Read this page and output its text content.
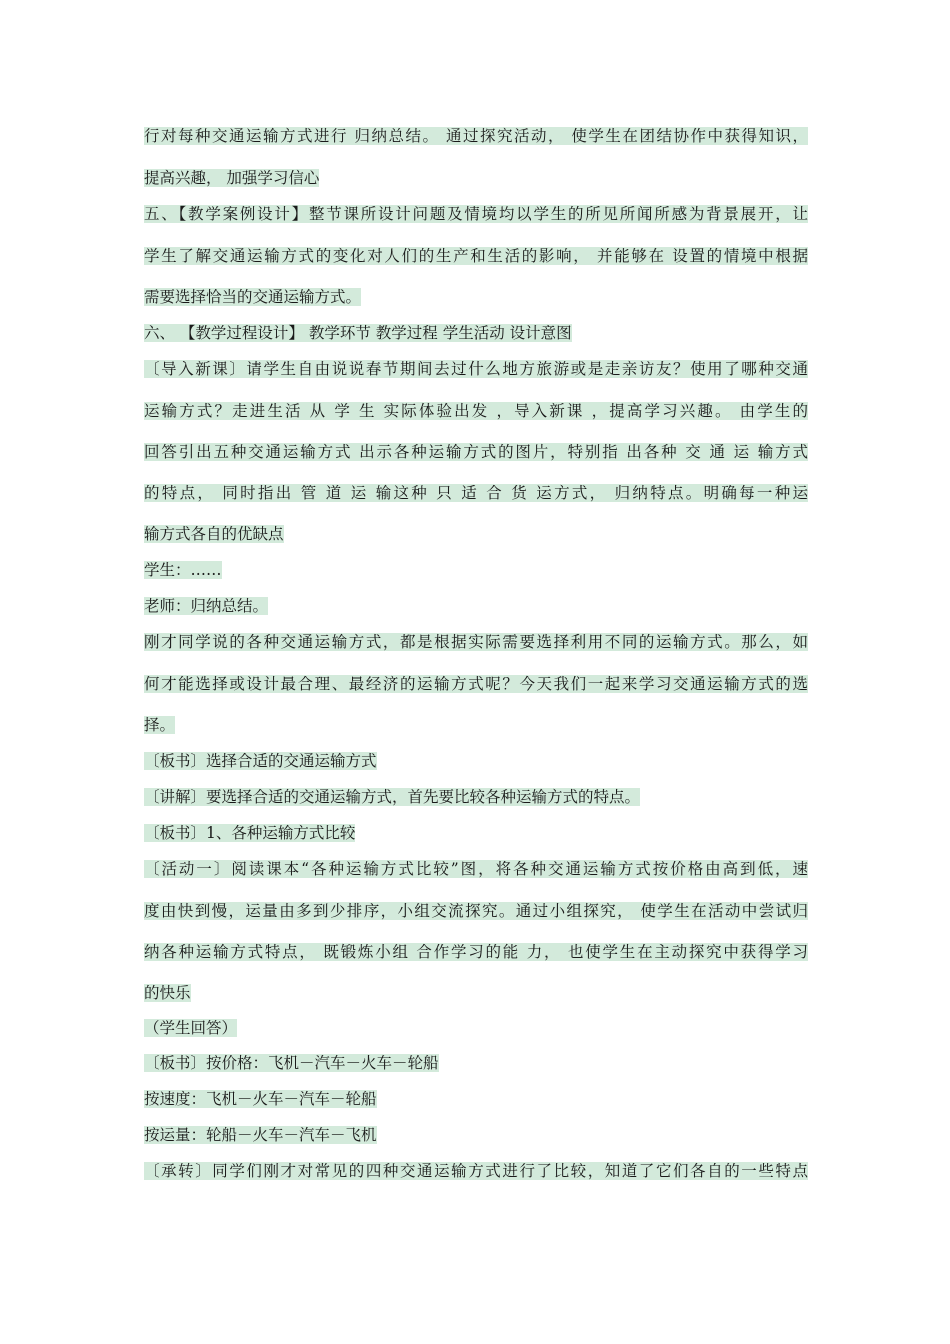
行对每种交通运输方式进行 归纳总结。 通过探究活动， 使学生在团结协作中获得知识，
提高兴趣， 加强学习信心
五、【教学案例设计】整节课所设计问题及情境均以学生的所见所闻所感为背景展开，让
学生了解交通运输方式的变化对人们的生产和生活的影响， 并能够在 设置的情境中根据
需要选择恰当的交通运输方式。
六、 【教学过程设计】 教学环节 教学过程 学生活动 设计意图
〔导入新课〕请学生自由说说春节期间去过什么地方旅游或是走亲访友？使用了哪种交通
运输方式？走进生活 从 学 生 实际体验出发 ，导入新课 ，提高学习兴趣。 由学生的
回答引出五种交通运输方式 出示各种运输方式的图片，特别指 出各种 交 通 运 输方式
的特点， 同时指出 管 道 运 输这种 只 适 合 货 运方式， 归纳特点。明确每一种运
输方式各自的优缺点
学生：……
老师：归纳总结。
刚才同学说的各种交通运输方式，都是根据实际需要选择利用不同的运输方式。那么，如
何才能选择或设计最合理、最经济的运输方式呢？今天我们一起来学习交通运输方式的选
择。
〔板书〕选择合适的交通运输方式
〔讲解〕要选择合适的交通运输方式，首先要比较各种运输方式的特点。
〔板书〕1、各种运输方式比较
〔活动一〕阅读课本“各种运输方式比较”图，将各种交通运输方式按价格由高到低，速
度由快到慢，运量由多到少排序，小组交流探究。通过小组探究， 使学生在活动中尝试归
纳各种运输方式特点， 既锻炼小组 合作学习的能 力， 也使学生在主动探究中获得学习
的快乐
（学生回答）
〔板书〕按价格：飞机－汽车－火车－轮船
按速度：飞机－火车－汽车－轮船
按运量：轮船－火车－汽车－飞机
〔承转〕同学们刚才对常见的四种交通运输方式进行了比较，知道了它们各自的一些特点
